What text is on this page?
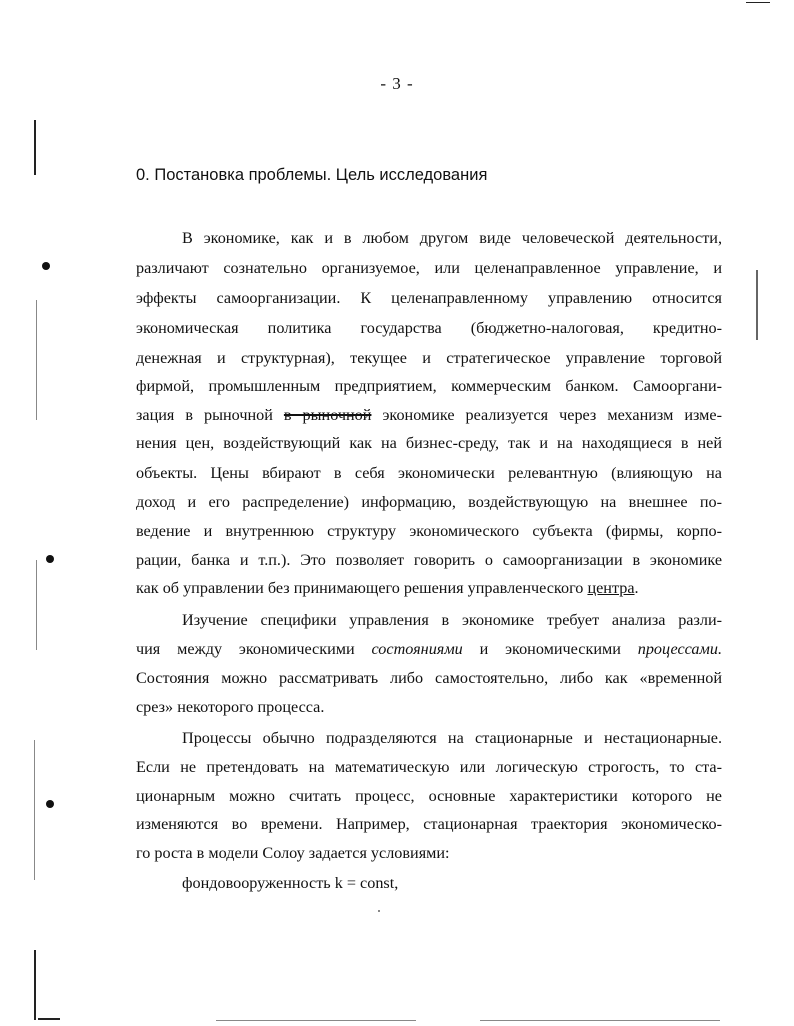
- 3 -
0. Постановка проблемы. Цель исследования
В экономике, как и в любом другом виде человеческой деятельности,
различают сознательно организуемое, или целенаправленное управление, и
эффекты самоорганизации. К целенаправленному управлению относится
экономическая политика государства (бюджетно-налоговая, кредитно-
денежная и структурная), текущее и стратегическое управление торговой
фирмой, промышленным предприятием, коммерческим банком. Самооргани-
зация в рыночной в рыночной экономике реализуется через механизм изме-
нения цен, воздействующий как на бизнес-среду, так и на находящиеся в ней
объекты. Цены вбирают в себя экономически релевантную (влияющую на
доход и его распределение) информацию, воздействующую на внешнее по-
ведение и внутреннюю структуру экономического субъекта (фирмы, корпо-
рации, банка и т.п.). Это позволяет говорить о самоорганизации в экономике
как об управлении без принимающего решения управленческого центра.
Изучение специфики управления в экономике требует анализа разли-
чия между экономическими состояниями и экономическими процессами.
Состояния можно рассматривать либо самостоятельно, либо как «временной
срез» некоторого процесса.
Процессы обычно подразделяются на стационарные и нестационарные.
Если не претендовать на математическую или логическую строгость, то ста-
ционарным можно считать процесс, основные характеристики которого не
изменяются во времени. Например, стационарная траектория экономическо-
го роста в модели Солоу задается условиями:
фондовооруженность k = const,
